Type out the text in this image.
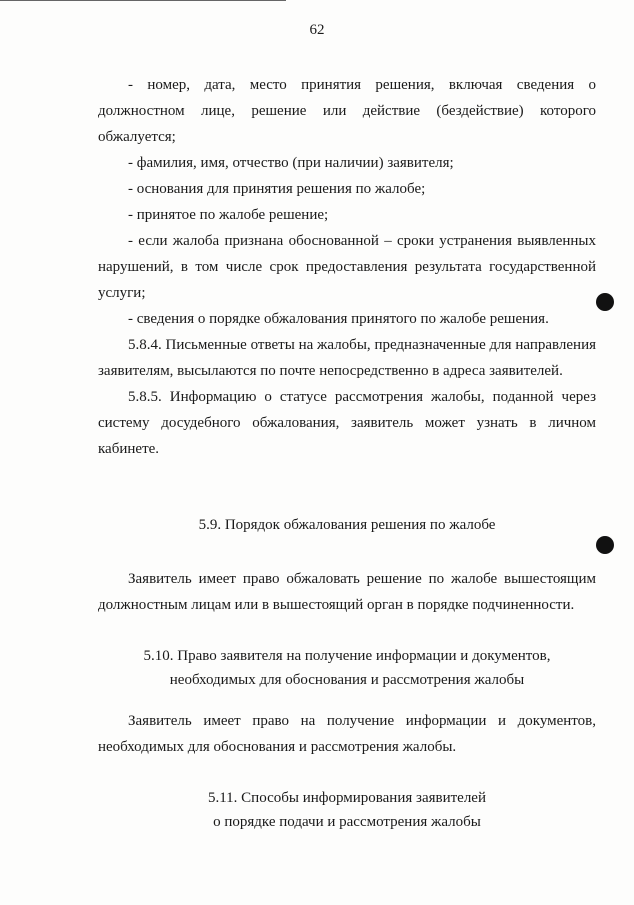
62

- номер, дата, место принятия решения, включая сведения о должностном лице, решение или действие (бездействие) которого обжалуется;

- фамилия, имя, отчество (при наличии) заявителя;

- основания для принятия решения по жалобе;

- принятое по жалобе решение;

- если жалоба признана обоснованной – сроки устранения выявленных нарушений, в том числе срок предоставления результата государственной услуги;

- сведения о порядке обжалования принятого по жалобе решения.

5.8.4. Письменные ответы на жалобы, предназначенные для направления заявителям, высылаются по почте непосредственно в адреса заявителей.

5.8.5. Информацию о статусе рассмотрения жалобы, поданной через систему досудебного обжалования, заявитель может узнать в личном кабинете.

5.9. Порядок обжалования решения по жалобе

Заявитель имеет право обжаловать решение по жалобе вышестоящим должностным лицам или в вышестоящий орган в порядке подчиненности.

5.10. Право заявителя на получение информации и документов,
необходимых для обоснования и рассмотрения жалобы

Заявитель имеет право на получение информации и документов, необходимых для обоснования и рассмотрения жалобы.

5.11. Способы информирования заявителей
о порядке подачи и рассмотрения жалобы
